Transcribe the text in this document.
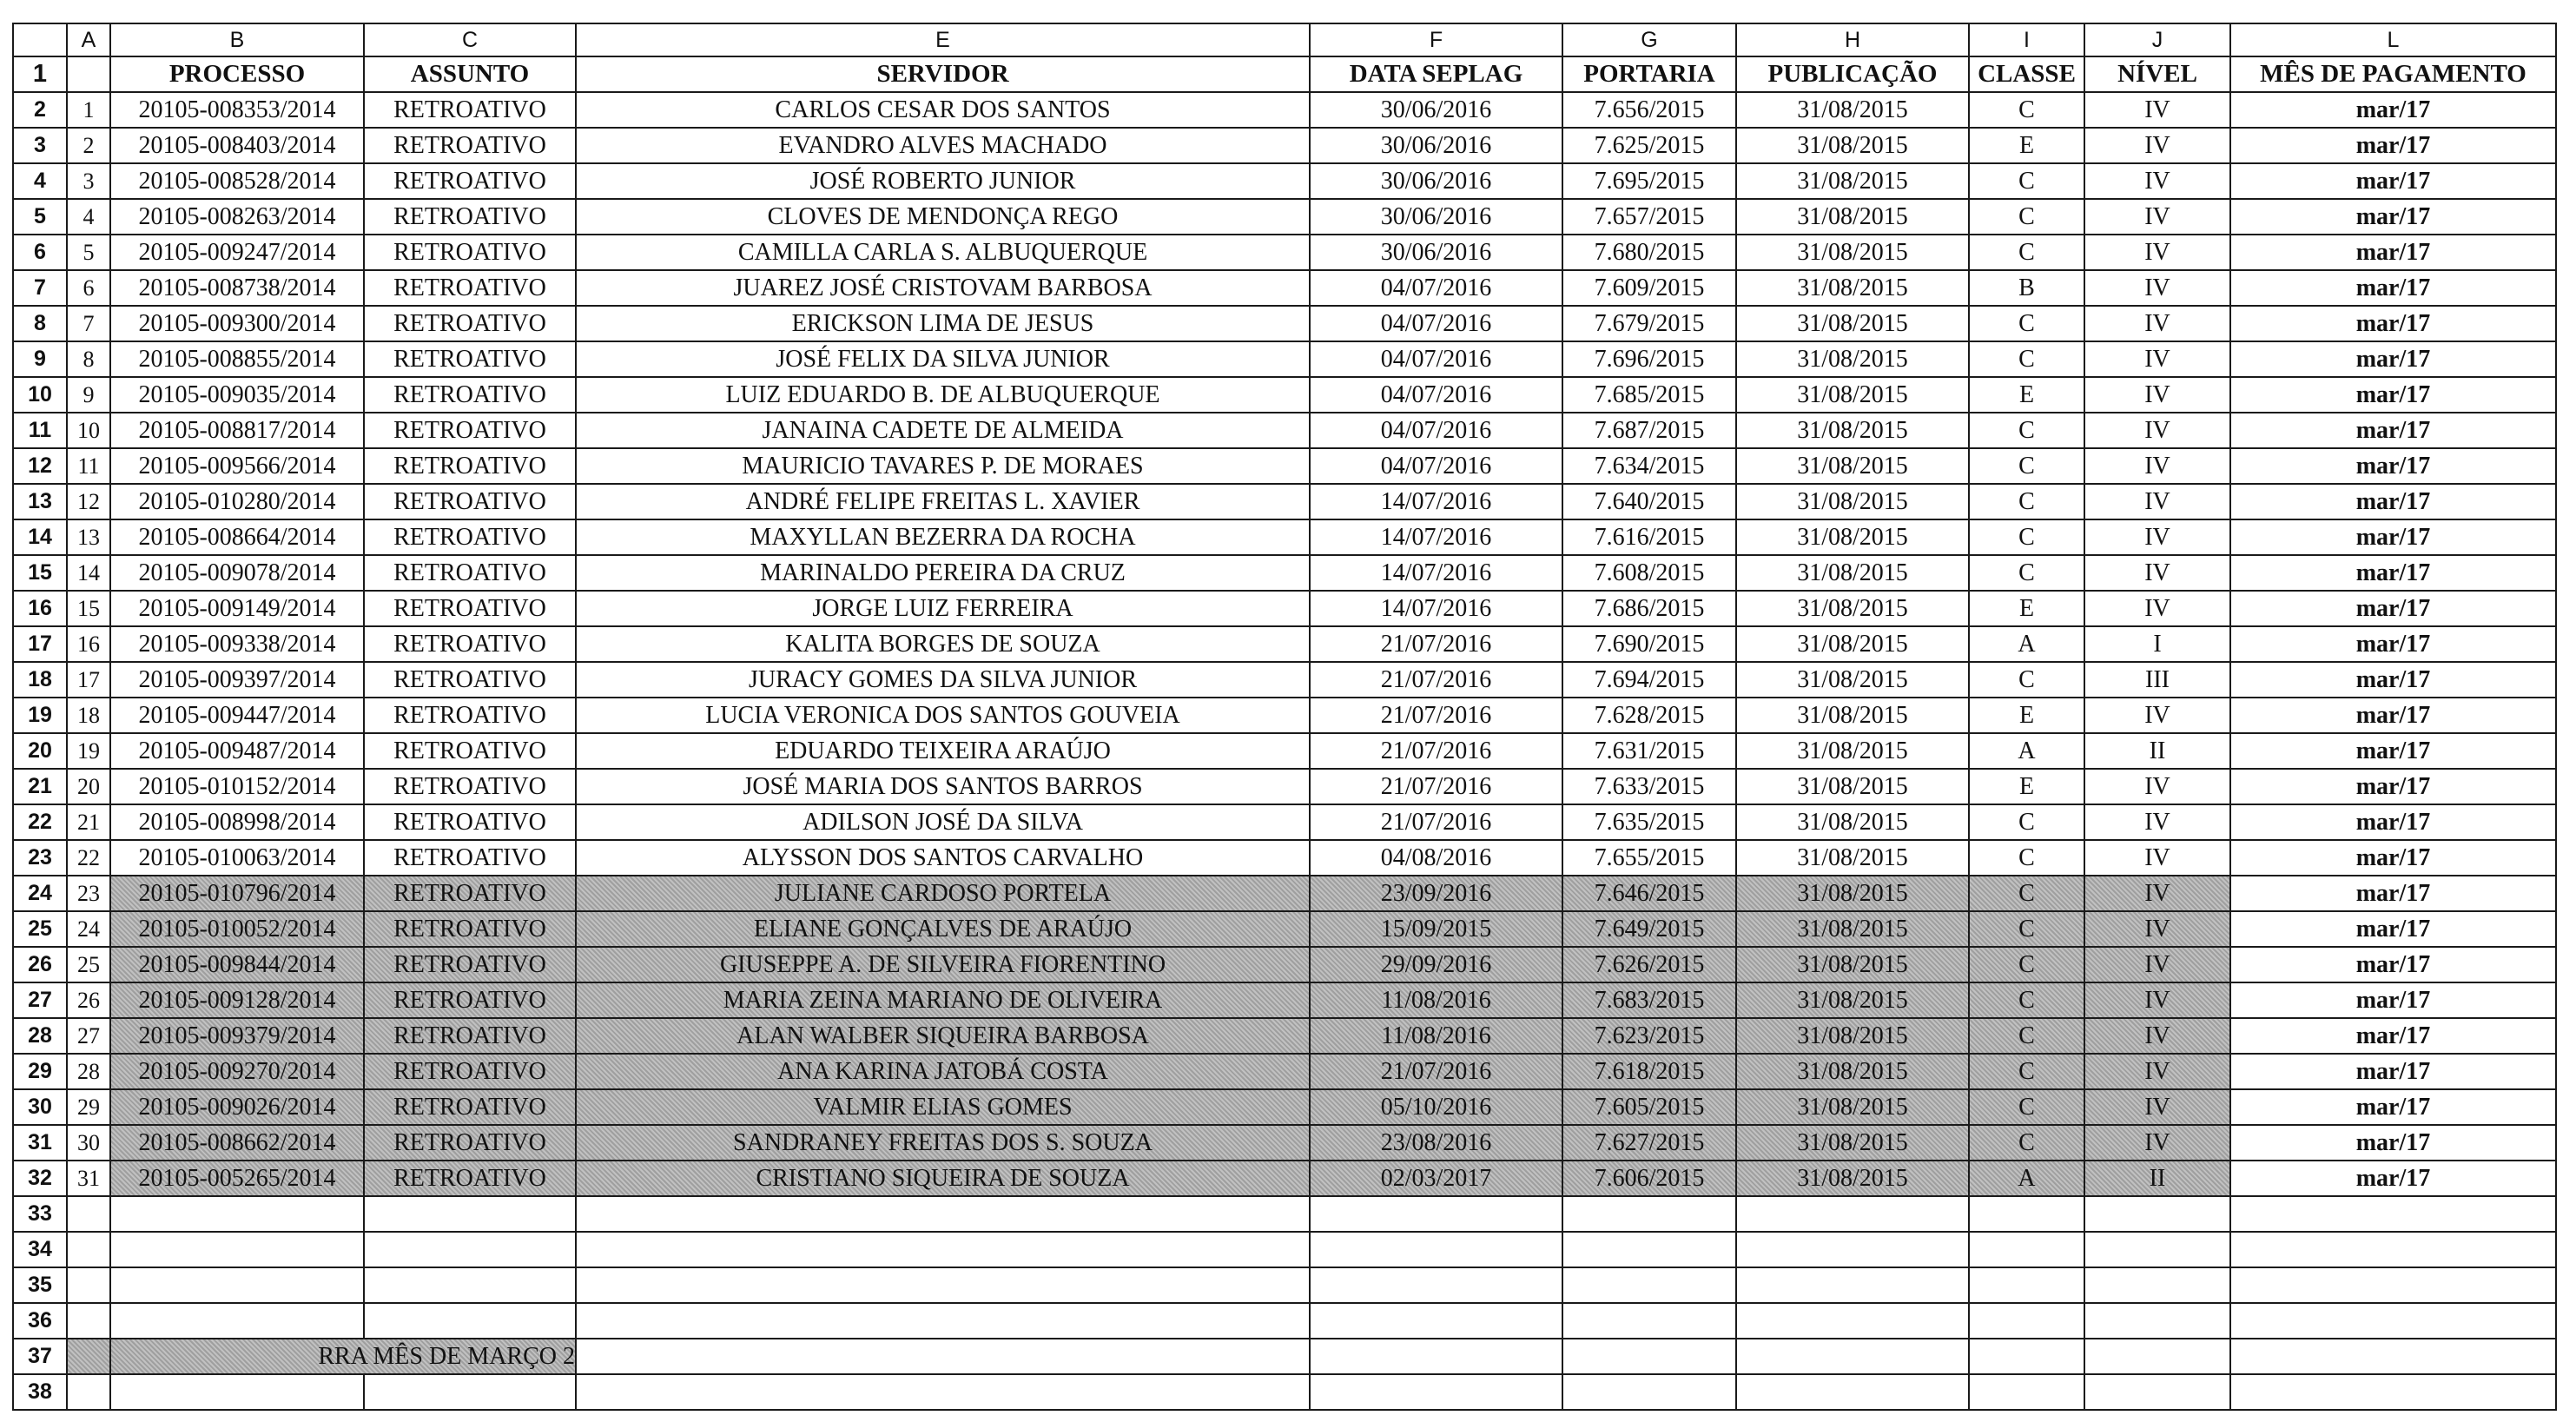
	A	B	C	E	F	G	H	I	J	L
1		PROCESSO	ASSUNTO	SERVIDOR	DATA SEPLAG	PORTARIA	PUBLICAÇÃO	CLASSE	NÍVEL	MÊS DE PAGAMENTO
2	1	20105-008353/2014	RETROATIVO	CARLOS CESAR DOS SANTOS	30/06/2016	7.656/2015	31/08/2015	C	IV	mar/17
3	2	20105-008403/2014	RETROATIVO	EVANDRO ALVES MACHADO	30/06/2016	7.625/2015	31/08/2015	E	IV	mar/17
4	3	20105-008528/2014	RETROATIVO	JOSÉ ROBERTO JUNIOR	30/06/2016	7.695/2015	31/08/2015	C	IV	mar/17
5	4	20105-008263/2014	RETROATIVO	CLOVES DE MENDONÇA REGO	30/06/2016	7.657/2015	31/08/2015	C	IV	mar/17
6	5	20105-009247/2014	RETROATIVO	CAMILLA CARLA S. ALBUQUERQUE	30/06/2016	7.680/2015	31/08/2015	C	IV	mar/17
7	6	20105-008738/2014	RETROATIVO	JUAREZ JOSÉ CRISTOVAM BARBOSA	04/07/2016	7.609/2015	31/08/2015	B	IV	mar/17
8	7	20105-009300/2014	RETROATIVO	ERICKSON LIMA DE JESUS	04/07/2016	7.679/2015	31/08/2015	C	IV	mar/17
9	8	20105-008855/2014	RETROATIVO	JOSÉ FELIX DA SILVA JUNIOR	04/07/2016	7.696/2015	31/08/2015	C	IV	mar/17
10	9	20105-009035/2014	RETROATIVO	LUIZ EDUARDO B. DE ALBUQUERQUE	04/07/2016	7.685/2015	31/08/2015	E	IV	mar/17
11	10	20105-008817/2014	RETROATIVO	JANAINA CADETE DE ALMEIDA	04/07/2016	7.687/2015	31/08/2015	C	IV	mar/17
12	11	20105-009566/2014	RETROATIVO	MAURICIO TAVARES P. DE MORAES	04/07/2016	7.634/2015	31/08/2015	C	IV	mar/17
13	12	20105-010280/2014	RETROATIVO	ANDRÉ FELIPE FREITAS L. XAVIER	14/07/2016	7.640/2015	31/08/2015	C	IV	mar/17
14	13	20105-008664/2014	RETROATIVO	MAXYLLAN BEZERRA DA ROCHA	14/07/2016	7.616/2015	31/08/2015	C	IV	mar/17
15	14	20105-009078/2014	RETROATIVO	MARINALDO PEREIRA DA CRUZ	14/07/2016	7.608/2015	31/08/2015	C	IV	mar/17
16	15	20105-009149/2014	RETROATIVO	JORGE LUIZ FERREIRA	14/07/2016	7.686/2015	31/08/2015	E	IV	mar/17
17	16	20105-009338/2014	RETROATIVO	KALITA BORGES DE SOUZA	21/07/2016	7.690/2015	31/08/2015	A	I	mar/17
18	17	20105-009397/2014	RETROATIVO	JURACY GOMES DA SILVA JUNIOR	21/07/2016	7.694/2015	31/08/2015	C	III	mar/17
19	18	20105-009447/2014	RETROATIVO	LUCIA VERONICA DOS SANTOS GOUVEIA	21/07/2016	7.628/2015	31/08/2015	E	IV	mar/17
20	19	20105-009487/2014	RETROATIVO	EDUARDO TEIXEIRA ARAÚJO	21/07/2016	7.631/2015	31/08/2015	A	II	mar/17
21	20	20105-010152/2014	RETROATIVO	JOSÉ MARIA DOS SANTOS BARROS	21/07/2016	7.633/2015	31/08/2015	E	IV	mar/17
22	21	20105-008998/2014	RETROATIVO	ADILSON JOSÉ DA SILVA	21/07/2016	7.635/2015	31/08/2015	C	IV	mar/17
23	22	20105-010063/2014	RETROATIVO	ALYSSON DOS SANTOS CARVALHO	04/08/2016	7.655/2015	31/08/2015	C	IV	mar/17
24	23	20105-010796/2014	RETROATIVO	JULIANE CARDOSO PORTELA	23/09/2016	7.646/2015	31/08/2015	C	IV	mar/17
25	24	20105-010052/2014	RETROATIVO	ELIANE GONÇALVES DE ARAÚJO	15/09/2015	7.649/2015	31/08/2015	C	IV	mar/17
26	25	20105-009844/2014	RETROATIVO	GIUSEPPE A. DE SILVEIRA FIORENTINO	29/09/2016	7.626/2015	31/08/2015	C	IV	mar/17
27	26	20105-009128/2014	RETROATIVO	MARIA ZEINA MARIANO DE OLIVEIRA	11/08/2016	7.683/2015	31/08/2015	C	IV	mar/17
28	27	20105-009379/2014	RETROATIVO	ALAN WALBER SIQUEIRA BARBOSA	11/08/2016	7.623/2015	31/08/2015	C	IV	mar/17
29	28	20105-009270/2014	RETROATIVO	ANA KARINA JATOBÁ COSTA	21/07/2016	7.618/2015	31/08/2015	C	IV	mar/17
30	29	20105-009026/2014	RETROATIVO	VALMIR ELIAS GOMES	05/10/2016	7.605/2015	31/08/2015	C	IV	mar/17
31	30	20105-008662/2014	RETROATIVO	SANDRANEY FREITAS DOS S. SOUZA	23/08/2016	7.627/2015	31/08/2015	C	IV	mar/17
32	31	20105-005265/2014	RETROATIVO	CRISTIANO SIQUEIRA DE SOUZA	02/03/2017	7.606/2015	31/08/2015	A	II	mar/17
33										
34										
35										
36										
37		RRA MÊS DE MARÇO 2								
38										
